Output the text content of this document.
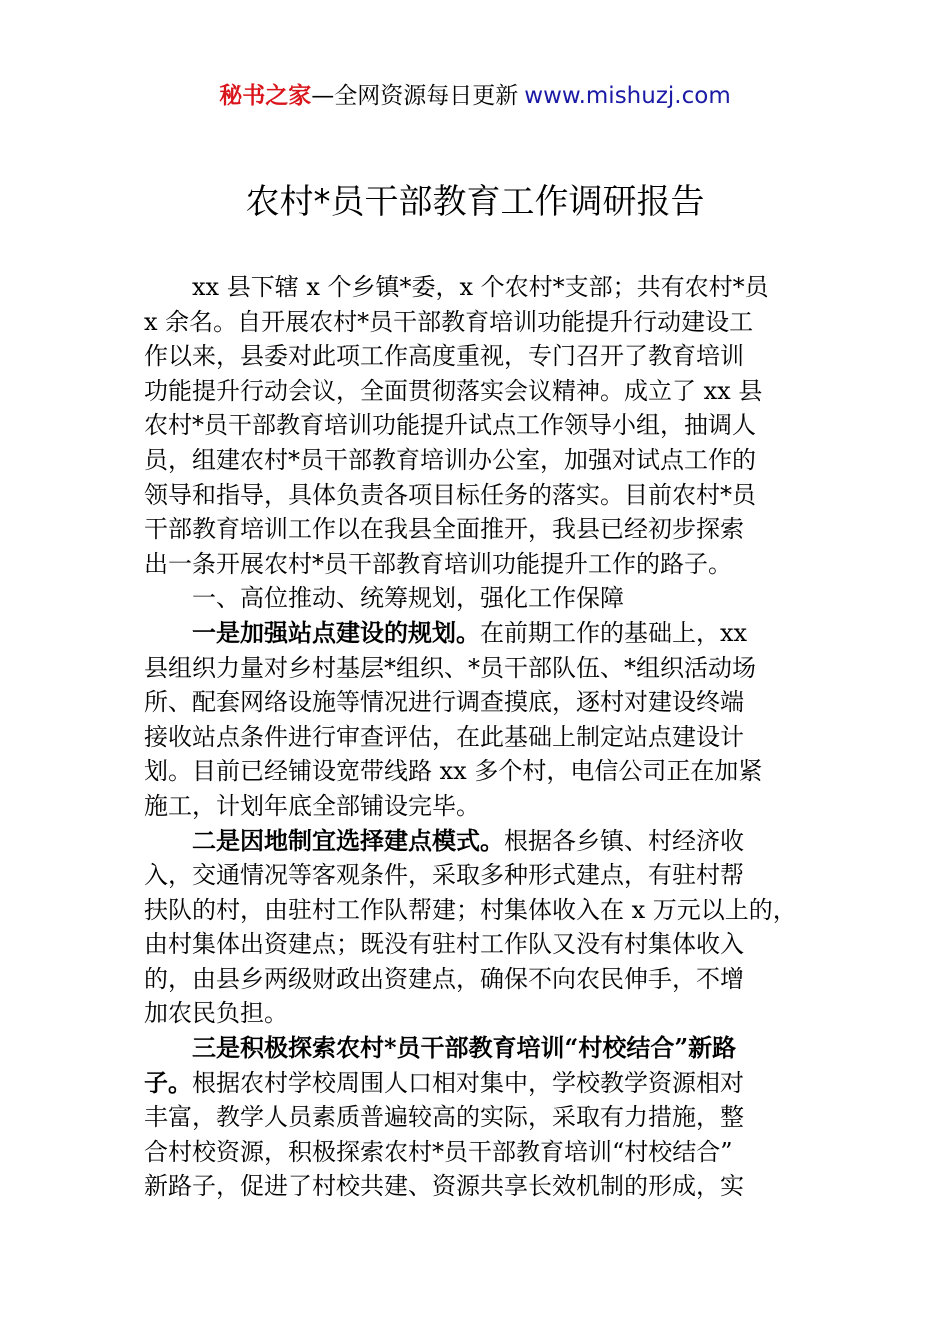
秘书之家—全网资源每日更新 www.mishuzj.com
农村*员干部教育工作调研报告
　　xx 县下辖 x 个乡镇*委，x 个农村*支部；共有农村*员
x 余名。自开展农村*员干部教育培训功能提升行动建设工
作以来，县委对此项工作高度重视，专门召开了教育培训
功能提升行动会议，全面贯彻落实会议精神。成立了 xx 县
农村*员干部教育培训功能提升试点工作领导小组，抽调人
员，组建农村*员干部教育培训办公室，加强对试点工作的
领导和指导，具体负责各项目标任务的落实。目前农村*员
干部教育培训工作以在我县全面推开，我县已经初步探索
出一条开展农村*员干部教育培训功能提升工作的路子。
　　一、高位推动、统筹规划，强化工作保障
　　一是加强站点建设的规划。在前期工作的基础上，xx
县组织力量对乡村基层*组织、*员干部队伍、*组织活动场
所、配套网络设施等情况进行调查摸底，逐村对建设终端
接收站点条件进行审查评估，在此基础上制定站点建设计
划。目前已经铺设宽带线路 xx 多个村，电信公司正在加紧
施工，计划年底全部铺设完毕。
　　二是因地制宜选择建点模式。根据各乡镇、村经济收
入，交通情况等客观条件，采取多种形式建点，有驻村帮
扶队的村，由驻村工作队帮建；村集体收入在 x 万元以上的，
由村集体出资建点；既没有驻村工作队又没有村集体收入
的，由县乡两级财政出资建点，确保不向农民伸手，不增
加农民负担。
　　三是积极探索农村*员干部教育培训“村校结合”新路
子。根据农村学校周围人口相对集中，学校教学资源相对
丰富，教学人员素质普遍较高的实际，采取有力措施，整
合村校资源，积极探索农村*员干部教育培训“村校结合”
新路子，促进了村校共建、资源共享长效机制的形成，实
